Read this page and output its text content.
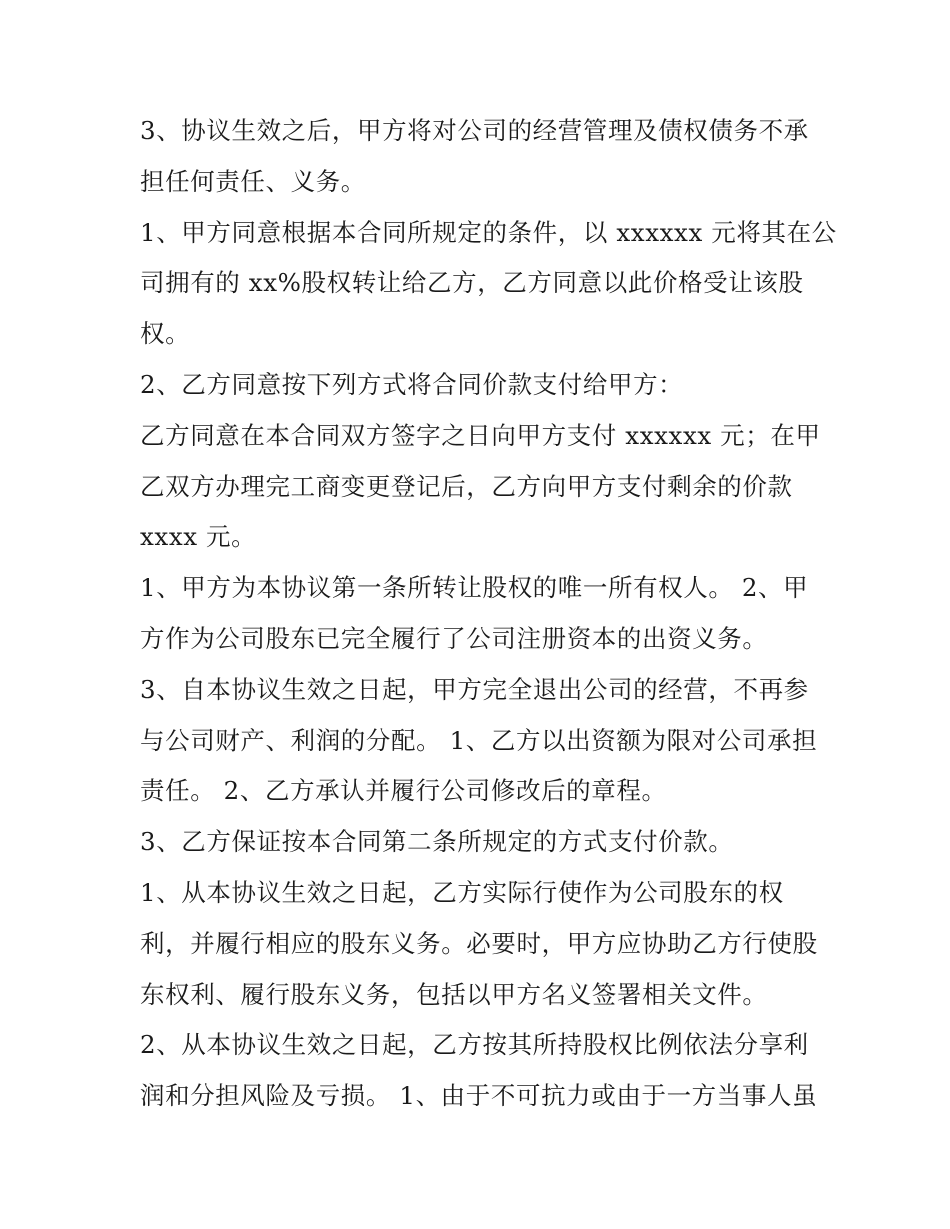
3、协议生效之后，甲方将对公司的经营管理及债权债务不承
担任何责任、义务。
1、甲方同意根据本合同所规定的条件，以 xxxxxx 元将其在公
司拥有的 xx%股权转让给乙方，乙方同意以此价格受让该股
权。
2、乙方同意按下列方式将合同价款支付给甲方：
乙方同意在本合同双方签字之日向甲方支付 xxxxxx 元；在甲
乙双方办理完工商变更登记后，乙方向甲方支付剩余的价款
xxxx 元。
1、甲方为本协议第一条所转让股权的唯一所有权人。 2、甲
方作为公司股东已完全履行了公司注册资本的出资义务。
3、自本协议生效之日起，甲方完全退出公司的经营，不再参
与公司财产、利润的分配。 1、乙方以出资额为限对公司承担
责任。 2、乙方承认并履行公司修改后的章程。
3、乙方保证按本合同第二条所规定的方式支付价款。
1、从本协议生效之日起，乙方实际行使作为公司股东的权
利，并履行相应的股东义务。必要时，甲方应协助乙方行使股
东权利、履行股东义务，包括以甲方名义签署相关文件。
2、从本协议生效之日起，乙方按其所持股权比例依法分享利
润和分担风险及亏损。 1、由于不可抗力或由于一方当事人虽
